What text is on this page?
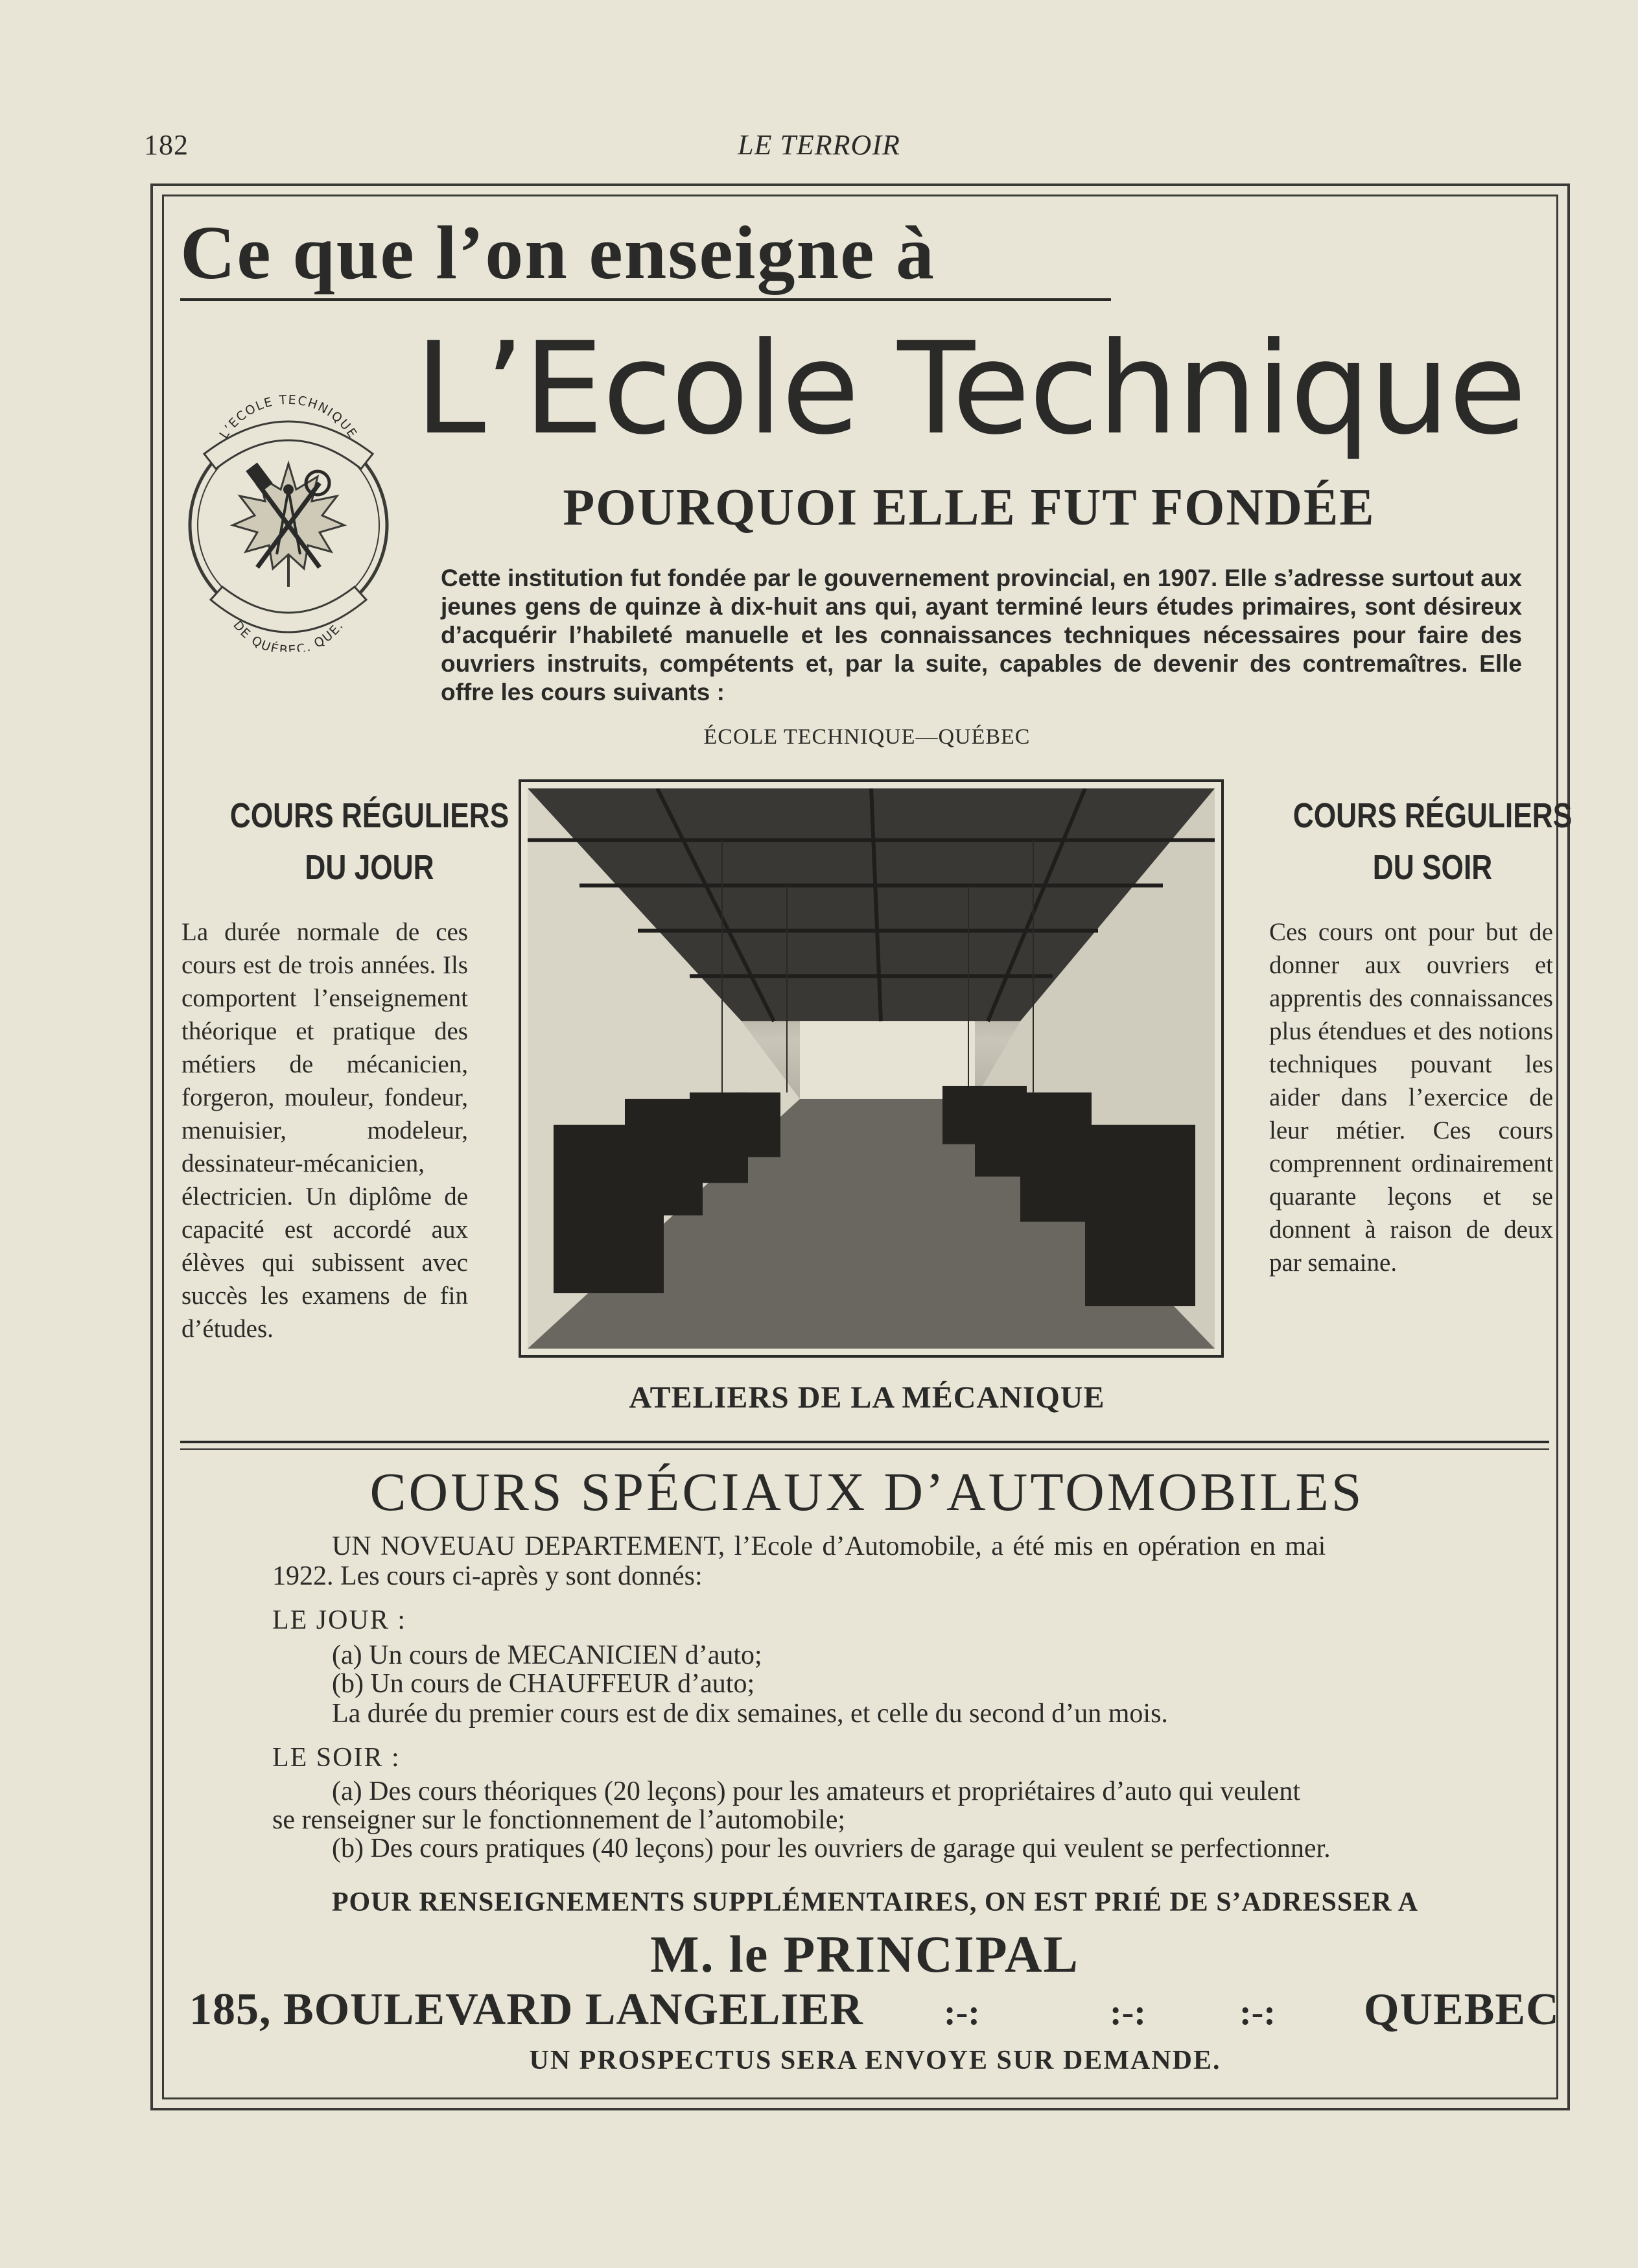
182	LE TERROIR
Ce que l’on enseigne à
L’Ecole Technique
L’ECOLE TECHNIQUE
DE QUÉBEC. QUE.
POURQUOI ELLE FUT FONDÉE
Cette institution fut fondée par le gouvernement provincial, en 1907. Elle s’adresse surtout aux jeunes gens de quinze à dix-huit ans qui, ayant terminé leurs études primaires, sont désireux d’acquérir l’habileté manuelle et les connaissances techniques nécessaires pour faire des ouvriers instruits, compétents et, par la suite, capables de devenir des contremaîtres. Elle offre les cours suivants :
ÉCOLE TECHNIQUE—QUÉBEC
COURS RÉGULIERS
DU JOUR
La durée normale de ces cours est de trois années. Ils comportent l’enseignement théorique et pratique des métiers de mécanicien, forgeron, mouleur, fondeur, menuisier, modeleur, dessinateur-mécanicien, électricien. Un diplôme de capacité est accordé aux élèves qui subissent avec succès les examens de fin d’études.
COURS RÉGULIERS
DU SOIR
Ces cours ont pour but de donner aux ouvriers et apprentis des connaissances plus étendues et des notions techniques pouvant les aider dans l’exercice de leur métier. Ces cours comprennent ordinairement quarante leçons et se donnent à raison de deux par semaine.
ATELIERS DE LA MÉCANIQUE
COURS SPÉCIAUX D’AUTOMOBILES
UN NOVEUAU DEPARTEMENT, l’Ecole d’Automobile, a été mis en opération en mai
1922. Les cours ci-après y sont donnés:
LE JOUR :
(a) Un cours de MECANICIEN d’auto;
(b) Un cours de CHAUFFEUR d’auto;
La durée du premier cours est de dix semaines, et celle du second d’un mois.
LE SOIR :
(a) Des cours théoriques (20 leçons) pour les amateurs et propriétaires d’auto qui veulent
se renseigner sur le fonctionnement de l’automobile;
(b) Des cours pratiques (40 leçons) pour les ouvriers de garage qui veulent se perfectionner.
POUR RENSEIGNEMENTS SUPPLÉMENTAIRES, ON EST PRIÉ DE S’ADRESSER A
M. le PRINCIPAL
185, BOULEVARD LANGELIER :-:	:-:	:-: QUEBEC
UN PROSPECTUS SERA ENVOYE SUR DEMANDE.
